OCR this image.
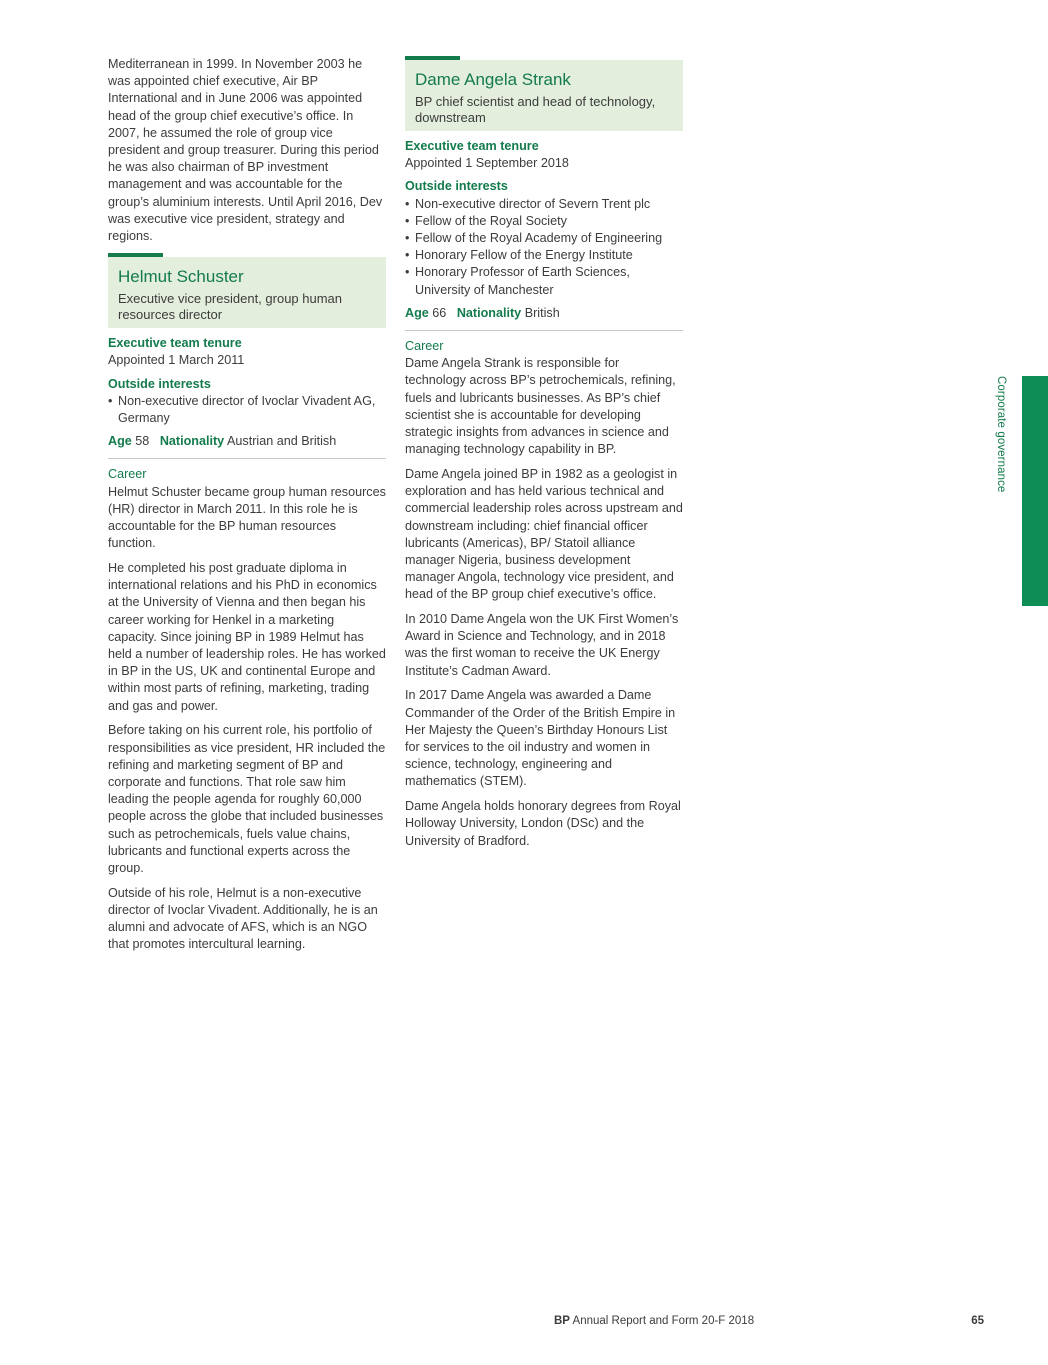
Mediterranean in 1999. In November 2003 he was appointed chief executive, Air BP International and in June 2006 was appointed head of the group chief executive’s office. In 2007, he assumed the role of group vice president and group treasurer. During this period he was also chairman of BP investment management and was accountable for the group’s aluminium interests. Until April 2016, Dev was executive vice president, strategy and regions.

Helmut Schuster
Executive vice president, group human resources director
Executive team tenure
Appointed 1 March 2011
Outside interests
• Non-executive director of Ivoclar Vivadent AG, Germany
Age 58 Nationality Austrian and British
Career

Helmut Schuster became group human resources (HR) director in March 2011. In this role he is accountable for the BP human resources function.

He completed his post graduate diploma in international relations and his PhD in economics at the University of Vienna and then began his career working for Henkel in a marketing capacity. Since joining BP in 1989 Helmut has held a number of leadership roles. He has worked in BP in the US, UK and continental Europe and within most parts of refining, marketing, trading and gas and power.

Before taking on his current role, his portfolio of responsibilities as vice president, HR included the refining and marketing segment of BP and corporate and functions. That role saw him leading the people agenda for roughly 60,000 people across the globe that included businesses such as petrochemicals, fuels value chains, lubricants and functional experts across the group.

Outside of his role, Helmut is a non-executive director of Ivoclar Vivadent. Additionally, he is an alumni and advocate of AFS, which is an NGO that promotes intercultural learning.

Dame Angela Strank
BP chief scientist and head of technology, downstream
Executive team tenure
Appointed 1 September 2018
Outside interests
• Non-executive director of Severn Trent plc
• Fellow of the Royal Society
• Fellow of the Royal Academy of Engineering
• Honorary Fellow of the Energy Institute
• Honorary Professor of Earth Sciences, University of Manchester
Age 66 Nationality British
Career

Dame Angela Strank is responsible for technology across BP’s petrochemicals, refining, fuels and lubricants businesses. As BP’s chief scientist she is accountable for developing strategic insights from advances in science and managing technology capability in BP.

Dame Angela joined BP in 1982 as a geologist in exploration and has held various technical and commercial leadership roles across upstream and downstream including: chief financial officer lubricants (Americas), BP/ Statoil alliance manager Nigeria, business development manager Angola, technology vice president, and head of the BP group chief executive’s office.

In 2010 Dame Angela won the UK First Women’s Award in Science and Technology, and in 2018 was the first woman to receive the UK Energy Institute’s Cadman Award.

In 2017 Dame Angela was awarded a Dame Commander of the Order of the British Empire in Her Majesty the Queen’s Birthday Honours List for services to the oil industry and women in science, technology, engineering and mathematics (STEM).

Dame Angela holds honorary degrees from Royal Holloway University, London (DSc) and the University of Bradford.

Corporate governance
BP Annual Report and Form 20-F 2018	65
